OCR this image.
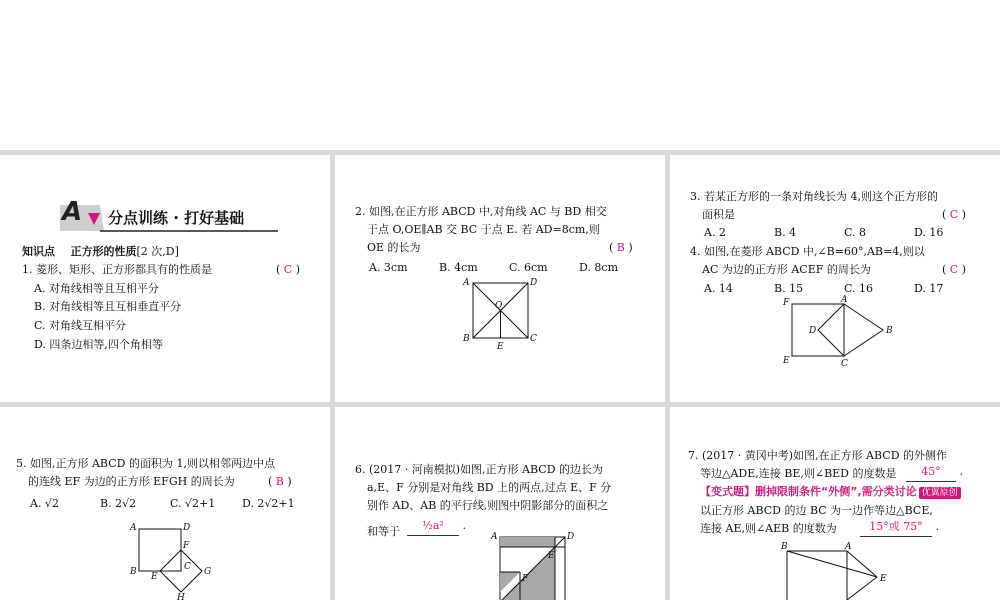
A 分点训练 · 打好基础
知识点 正方形的性质[2 次,D]
1. 菱形、矩形、正方形都具有的性质是	( C )
A. 对角线相等且互相平分
B. 对角线相等且互相垂直平分
C. 对角线互相平分
D. 四条边相等,四个角相等
2. 如图,在正方形 ABCD 中,对角线 AC 与 BD 相交
于点 O,OE∥AB 交 BC 于点 E. 若 AD=8cm,则
OE 的长为	( B )
A. 3cm	B. 4cm	C. 6cm	D. 8cm
A	D
O
B
E
C
3. 若某正方形的一条对角线长为 4,则这个正方形的
面积是	( C )
A. 2	B. 4	C. 8	D. 16
4. 如图,在菱形 ABCD 中,∠B=60°,AB=4,则以
AC 为边的正方形 ACEF 的周长为	( C )
A. 14	B. 15	C. 16	D. 17
F	A
D	B
E	C
5. 如图,正方形 ABCD 的面积为 1,则以相邻两边中点
的连线 EF 为边的正方形 EFGH 的周长为	( B )
A. √2	B. 2√2	C. √2+1 D. 2√2+1
A	D
F
B E
C G
H
6. (2017 · 河南模拟)如图,正方形 ABCD 的边长为
a,E、F 分别是对角线 BD 上的两点,过点 E、F 分
别作 AD、AB 的平行线,则图中阴影部分的面积之
和等于	½a² .
A	D
E
F
7. (2017 · 黄冈中考)如图,在正方形 ABCD 的外侧作
等边△ADE,连接 BE,则∠BED 的度数是	45° .
【变式题】删掉限制条件“外侧”,需分类讨论 优翼原创
以正方形 ABCD 的边 BC 为一边作等边△BCE,
连接 AE,则∠AEB 的度数为	15°或 75° .
B	A
E
